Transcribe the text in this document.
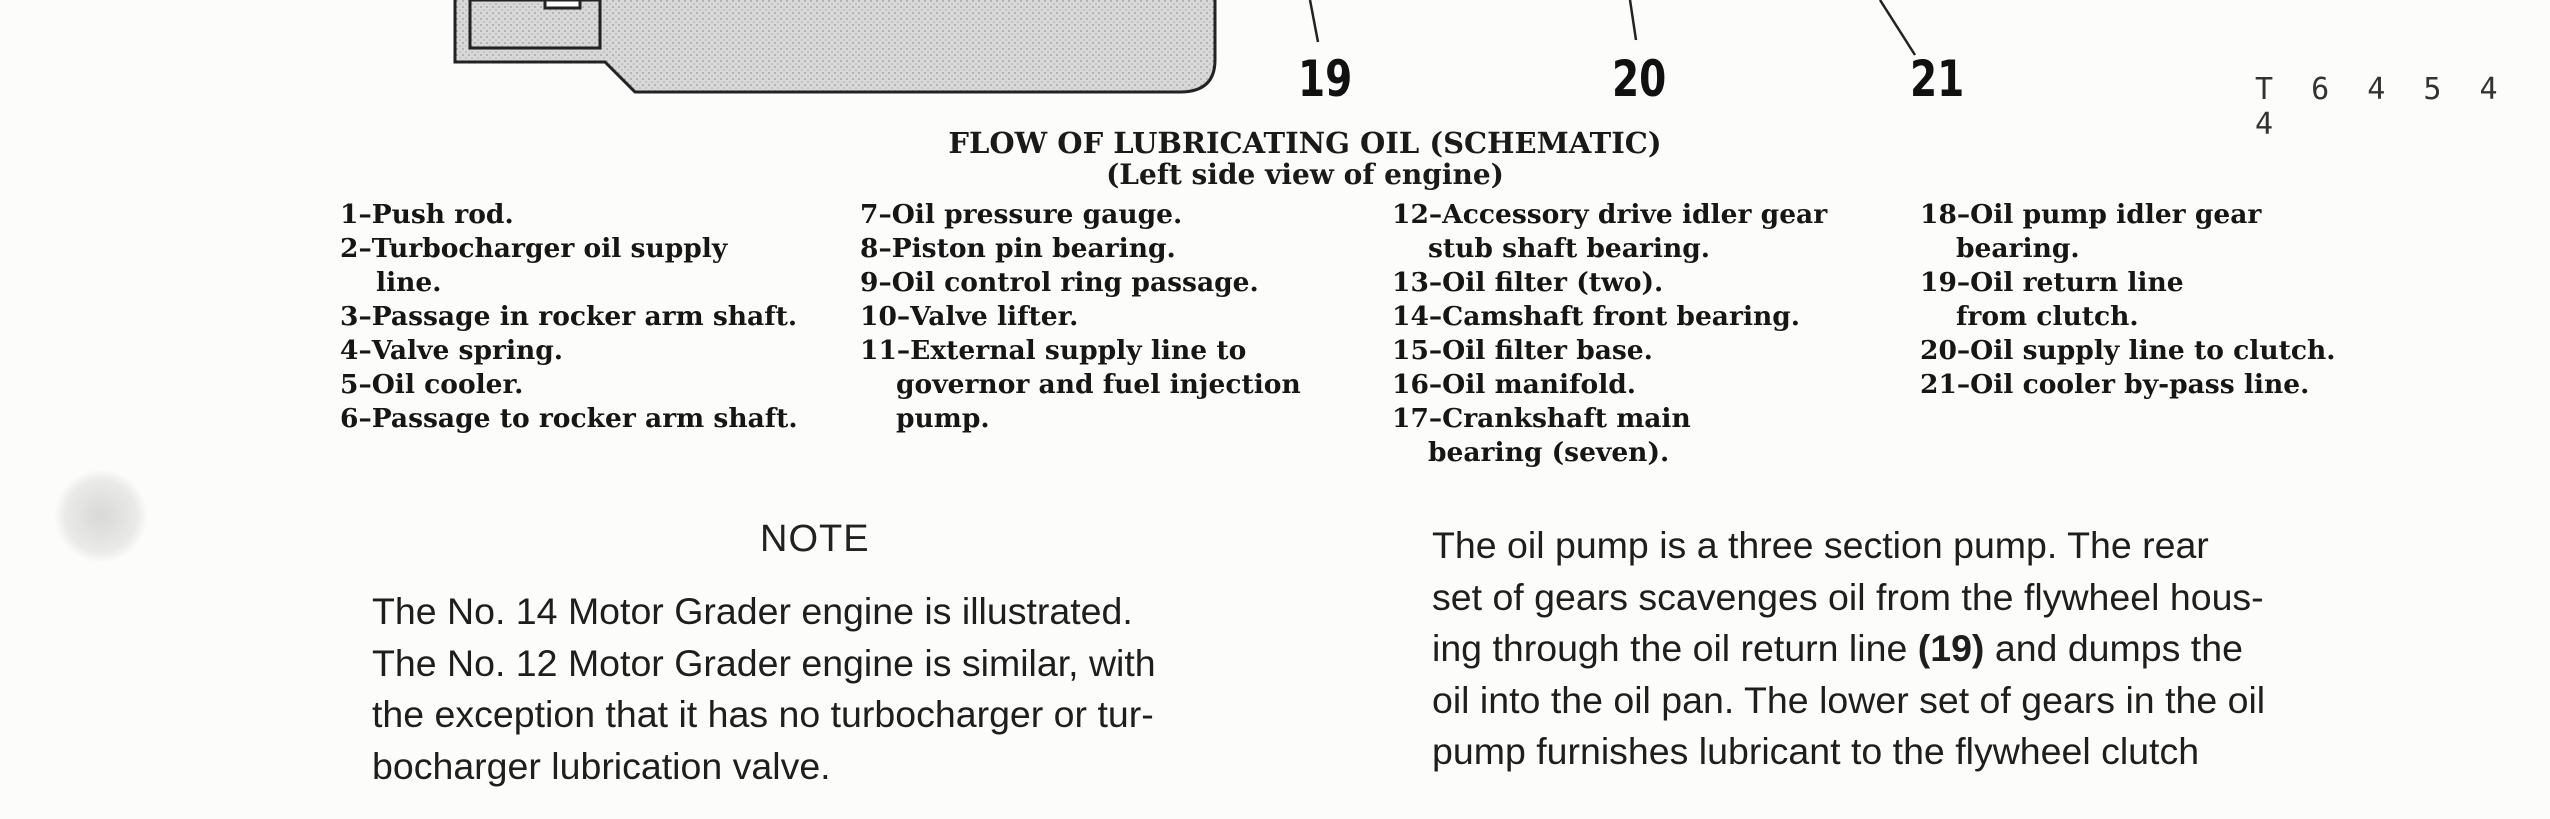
19	20	21	T 6 4 5 4 4
FLOW OF LUBRICATING OIL (SCHEMATIC)
(Left side view of engine)
1–Push rod.
2–Turbocharger oil supply
line.
3–Passage in rocker arm shaft.
4–Valve spring.
5–Oil cooler.
6–Passage to rocker arm shaft.
7–Oil pressure gauge.
8–Piston pin bearing.
9–Oil control ring passage.
10–Valve lifter.
11–External supply line to
governor and fuel injection
pump.
12–Accessory drive idler gear
stub shaft bearing.
13–Oil filter (two).
14–Camshaft front bearing.
15–Oil filter base.
16–Oil manifold.
17–Crankshaft main
bearing (seven).
18–Oil pump idler gear
bearing.
19–Oil return line
from clutch.
20–Oil supply line to clutch.
21–Oil cooler by-pass line.
NOTE
The No. 14 Motor Grader engine is illustrated.
The No. 12 Motor Grader engine is similar, with
the exception that it has no turbocharger or tur-
bocharger lubrication valve.
The oil pump is a three section pump. The rear
set of gears scavenges oil from the flywheel hous-
ing through the oil return line (19) and dumps the
oil into the oil pan. The lower set of gears in the oil
pump furnishes lubricant to the flywheel clutch
